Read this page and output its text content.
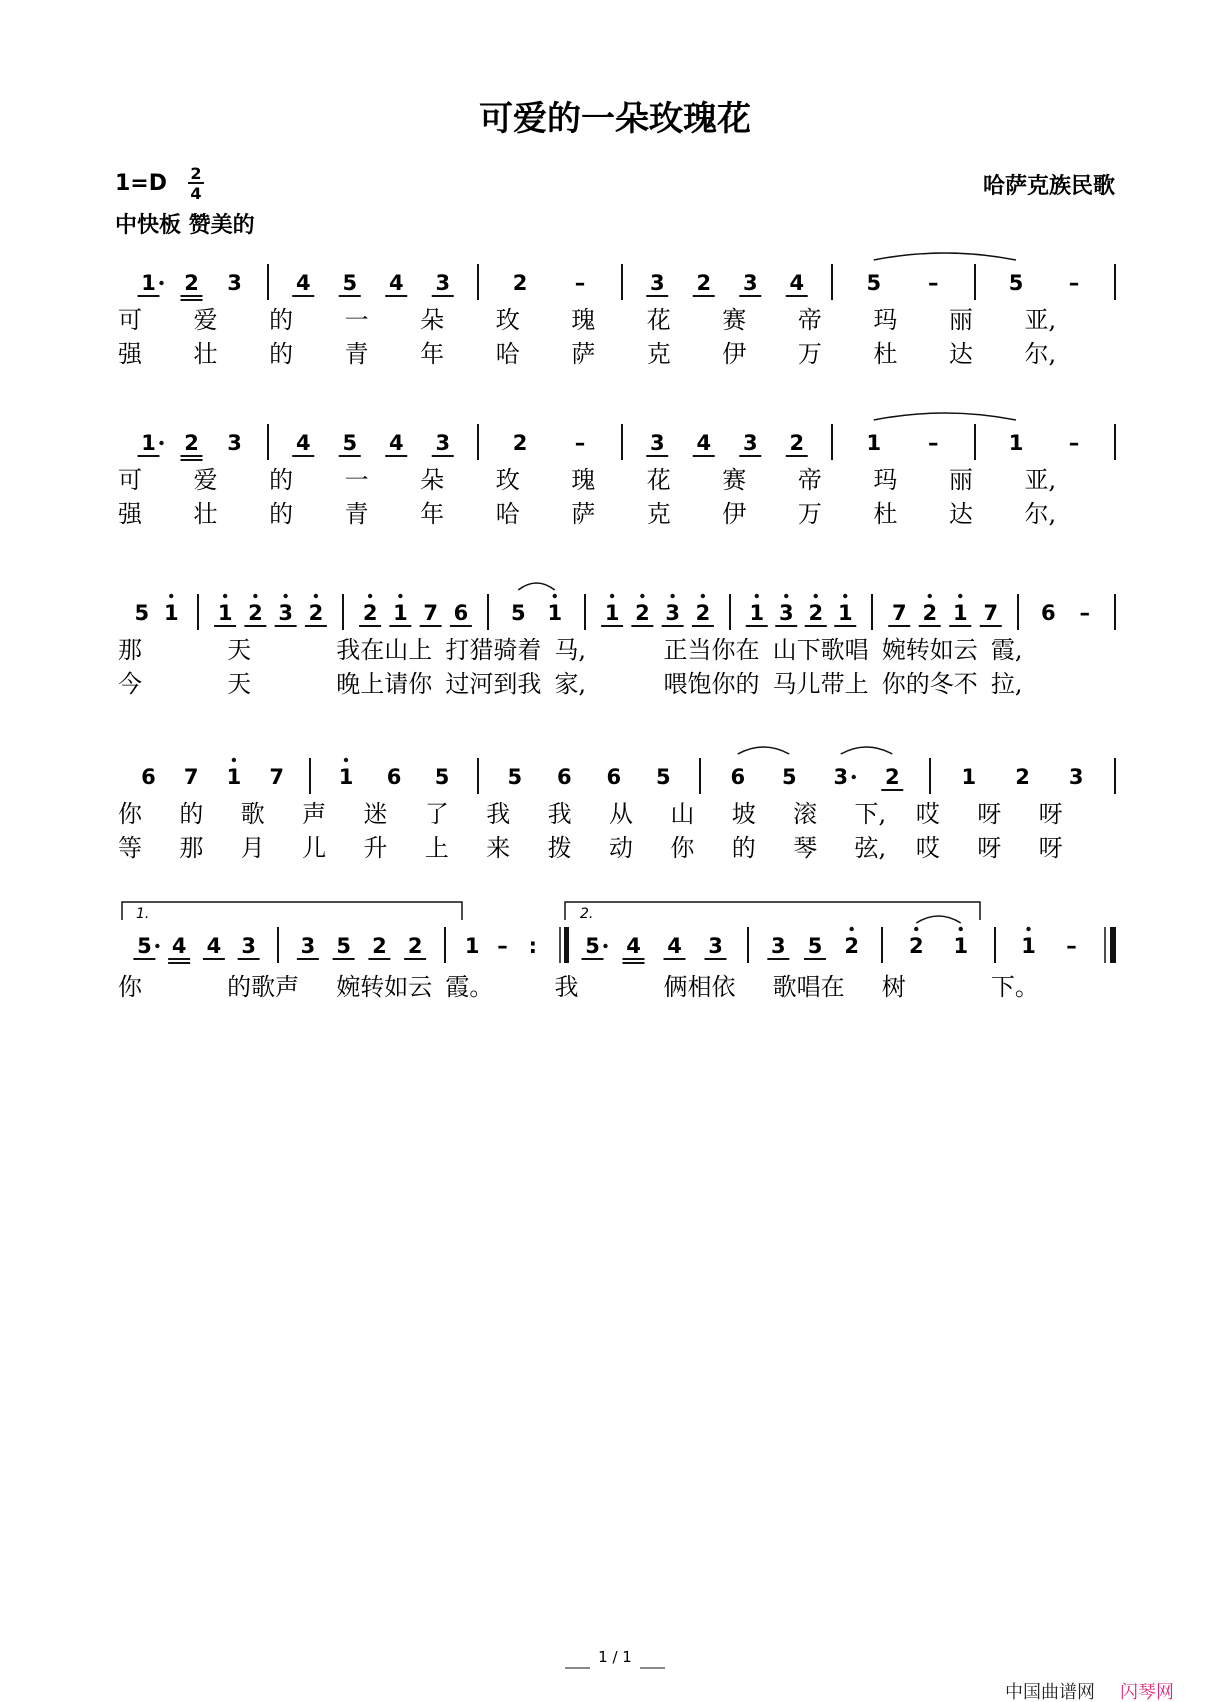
可爱的一朵玫瑰花
1=D 2
4
中快板 赞美的
哈萨克族民歌
1 2 3	4 5 4 3	2 –	3 2 3 4	5 –	5 –
可 爱 的 一 朵 玫 瑰 花 赛 帝 玛 丽 亚,
强 壮 的 青 年 哈 萨 克 伊 万 杜 达 尔,
1 2 3	4 5 4 3	2 –	3 4 3 2	1 –	1 –
可 爱 的 一 朵 玫 瑰 花 赛 帝 玛 丽 亚,
强 壮 的 青 年 哈 萨 克 伊 万 杜 达 尔,
5 1 1 2 3 2 2 1 7 6 5 1 1 2 3 2 1 3 2 1 7 2 1 7 6 –
那	天	我在山上 打猎骑着 马,	正当你在 山下歌唱 婉转如云 霞,
今	天	晚上请你 过河到我 家,	喂饱你的 马儿带上 你的冬不 拉,
6 7 1 7	1 6 5	5 6 6 5	6 5 3 2	1 2 3
你 的 歌 声 迷 了 我 我 从 山 坡 滚 下, 哎 呀 呀
等 那 月 儿 升 上 来 拨 动 你 的 琴 弦, 哎 呀 呀
1.	2.
5 4 4 3 3 5 2 2 1 – : 5 4 4 3 3 5 2 2 1	1 –
你	的歌声 婉转如云 霞。	我	俩相依 歌唱在 树	下。
1 / 1
中国曲谱网 闪琴网
